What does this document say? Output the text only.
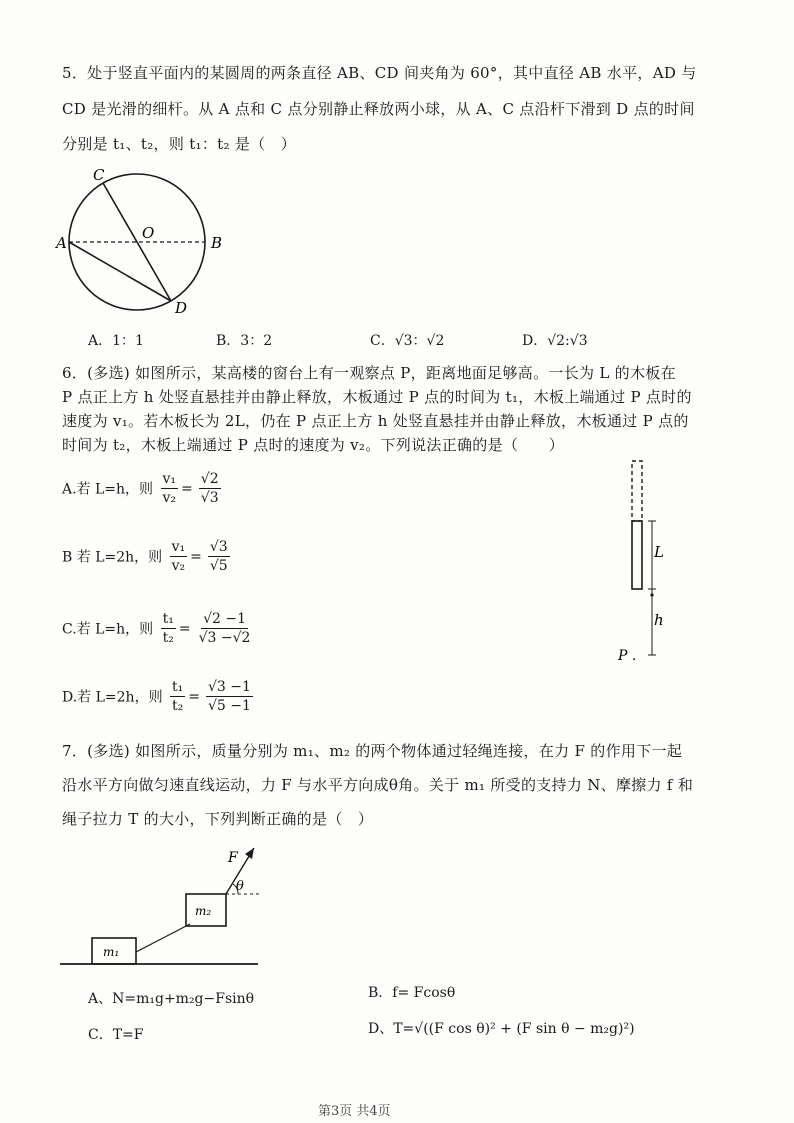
5．处于竖直平面内的某圆周的两条直径 AB、CD 间夹角为 60°，其中直径 AB 水平，AD 与
CD 是光滑的细杆。从 A 点和 C 点分别静止释放两小球，从 A、C 点沿杆下滑到 D 点的时间
分别是 t₁、t₂，则 t₁：t₂ 是（　）
C
O
A	B
D
A．1：1	B．3：2	C．√3：√2	D．√2:√3
6．(多选) 如图所示，某高楼的窗台上有一观察点 P，距离地面足够高。一长为 L 的木板在
P 点正上方 h 处竖直悬挂并由静止释放，木板通过 P 点的时间为 t₁，木板上端通过 P 点时的
速度为 v₁。若木板长为 2L，仍在 P 点正上方 h 处竖直悬挂并由静止释放，木板通过 P 点的
时间为 t₂，木板上端通过 P 点时的速度为 v₂。下列说法正确的是（　　）
A.若 L=h，则 $\frac{\text{v₁}}{\text{v₂}} = \frac{√2}{√3}$
B 若 L=2h，则 $\frac{\text{v₁}}{\text{v₂}} = \frac{√3}{√5}$
C.若 L=h，则 $\frac{\text{t₁}}{\text{t₂}} = \frac{√2 -1}{√3 -√2}$
D.若 L=2h，则 $\frac{\text{t₁}}{\text{t₂}} = \frac{√3 -1}{√5 -1}$
L
h
P .
7．(多选) 如图所示，质量分别为 m₁、m₂ 的两个物体通过轻绳连接，在力 F 的作用下一起
沿水平方向做匀速直线运动，力 F 与水平方向成θ角。关于 m₁ 所受的支持力 N、摩擦力 f 和
绳子拉力 T 的大小，下列判断正确的是（　）
F
θ
m₂
m₁
A、N=m₁g+m₂g−Fsinθ	B．f= Fcosθ
C．T=F	D、T=√((F cos θ)² + (F sin θ − m₂g)²)
第3页 共4页
